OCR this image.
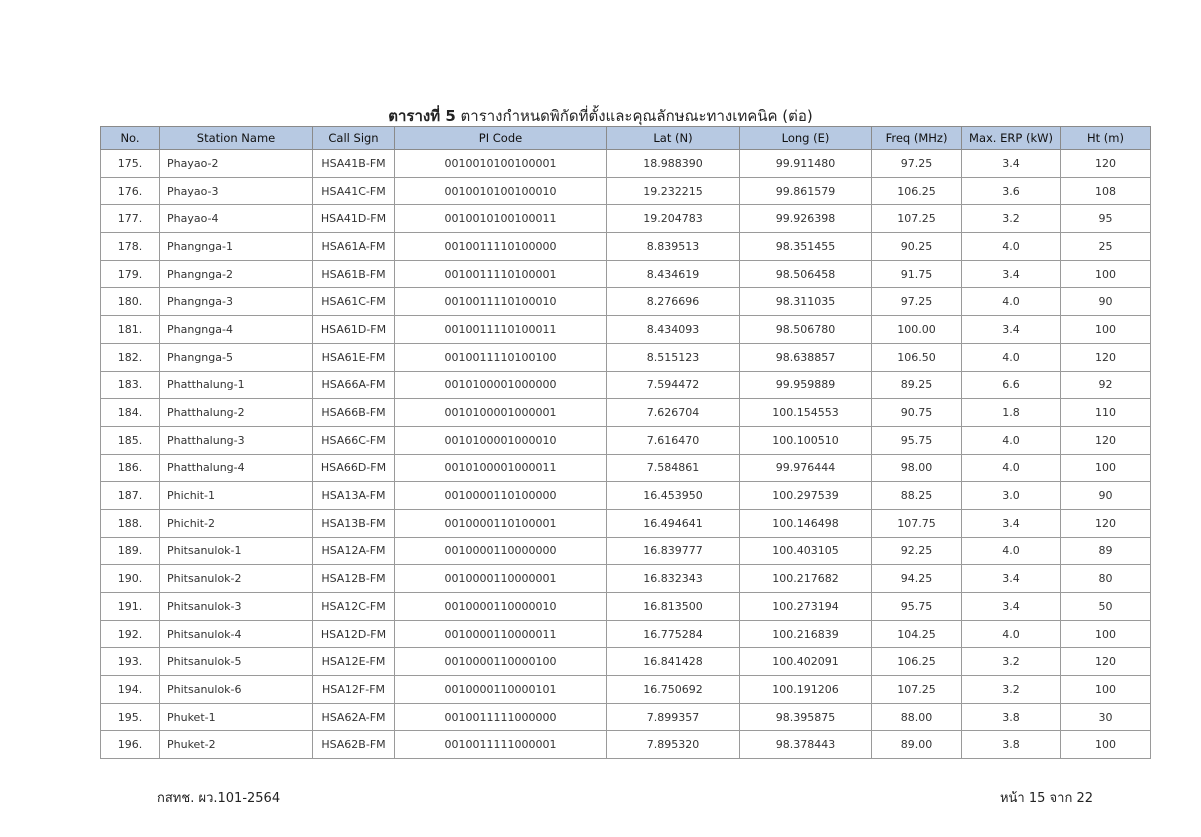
ตารางที่ 5 ตารางกำหนดพิกัดที่ตั้งและคุณลักษณะทางเทคนิค (ต่อ)
No.	Station Name	Call Sign	PI Code	Lat (N)	Long (E)	Freq (MHz)	Max. ERP (kW)	Ht (m)
175.	Phayao-2	HSA41B-FM	0010010100100001	18.988390	99.911480	97.25	3.4	120
176.	Phayao-3	HSA41C-FM	0010010100100010	19.232215	99.861579	106.25	3.6	108
177.	Phayao-4	HSA41D-FM	0010010100100011	19.204783	99.926398	107.25	3.2	95
178.	Phangnga-1	HSA61A-FM	0010011110100000	8.839513	98.351455	90.25	4.0	25
179.	Phangnga-2	HSA61B-FM	0010011110100001	8.434619	98.506458	91.75	3.4	100
180.	Phangnga-3	HSA61C-FM	0010011110100010	8.276696	98.311035	97.25	4.0	90
181.	Phangnga-4	HSA61D-FM	0010011110100011	8.434093	98.506780	100.00	3.4	100
182.	Phangnga-5	HSA61E-FM	0010011110100100	8.515123	98.638857	106.50	4.0	120
183.	Phatthalung-1	HSA66A-FM	0010100001000000	7.594472	99.959889	89.25	6.6	92
184.	Phatthalung-2	HSA66B-FM	0010100001000001	7.626704	100.154553	90.75	1.8	110
185.	Phatthalung-3	HSA66C-FM	0010100001000010	7.616470	100.100510	95.75	4.0	120
186.	Phatthalung-4	HSA66D-FM	0010100001000011	7.584861	99.976444	98.00	4.0	100
187.	Phichit-1	HSA13A-FM	0010000110100000	16.453950	100.297539	88.25	3.0	90
188.	Phichit-2	HSA13B-FM	0010000110100001	16.494641	100.146498	107.75	3.4	120
189.	Phitsanulok-1	HSA12A-FM	0010000110000000	16.839777	100.403105	92.25	4.0	89
190.	Phitsanulok-2	HSA12B-FM	0010000110000001	16.832343	100.217682	94.25	3.4	80
191.	Phitsanulok-3	HSA12C-FM	0010000110000010	16.813500	100.273194	95.75	3.4	50
192.	Phitsanulok-4	HSA12D-FM	0010000110000011	16.775284	100.216839	104.25	4.0	100
193.	Phitsanulok-5	HSA12E-FM	0010000110000100	16.841428	100.402091	106.25	3.2	120
194.	Phitsanulok-6	HSA12F-FM	0010000110000101	16.750692	100.191206	107.25	3.2	100
195.	Phuket-1	HSA62A-FM	0010011111000000	7.899357	98.395875	88.00	3.8	30
196.	Phuket-2	HSA62B-FM	0010011111000001	7.895320	98.378443	89.00	3.8	100
กสทช. ผว.101-2564	หน้า 15 จาก 22
